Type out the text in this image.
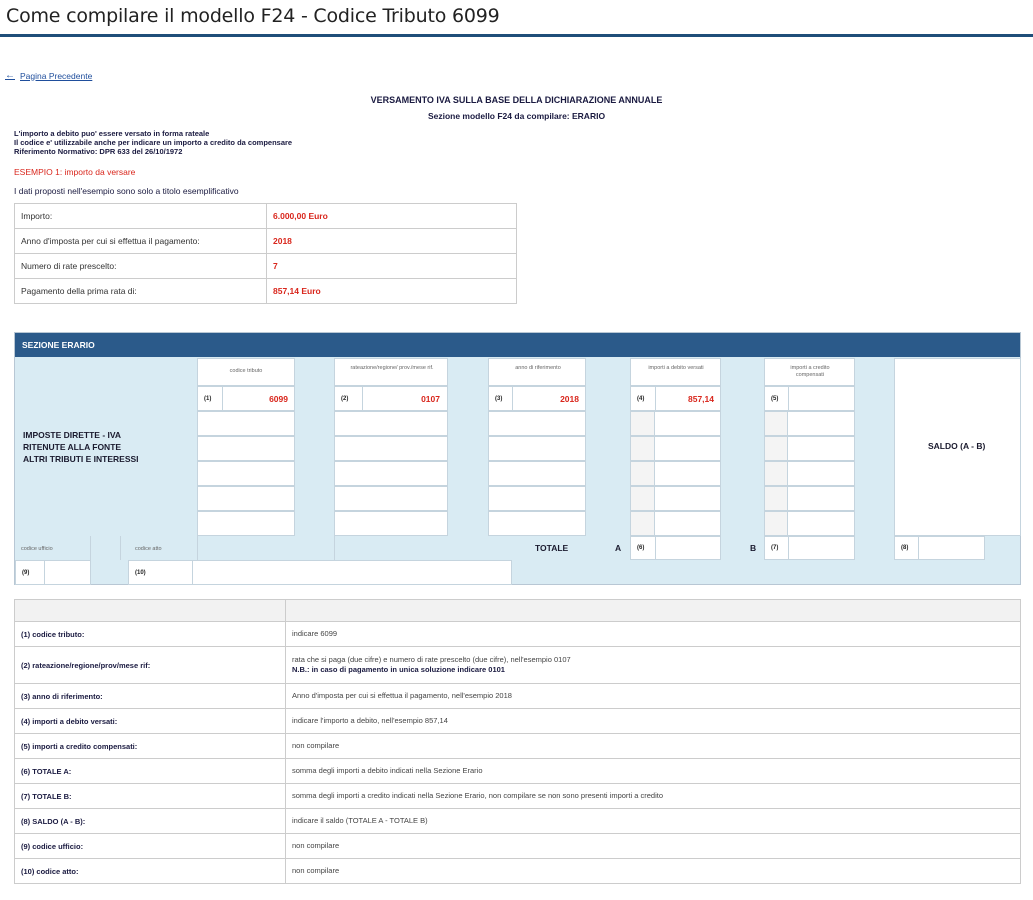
Come compilare il modello F24 - Codice Tributo 6099
← Pagina Precedente
VERSAMENTO IVA SULLA BASE DELLA DICHIARAZIONE ANNUALE
Sezione modello F24 da compilare: ERARIO
L'importo a debito puo' essere versato in forma rateale
Il codice e' utilizzabile anche per indicare un importo a credito da compensare
Riferimento Normativo: DPR 633 del 26/10/1972
ESEMPIO 1: importo da versare
I dati proposti nell'esempio sono solo a titolo esemplificativo
Importo:	6.000,00 Euro
Anno d'imposta per cui si effettua il pagamento:	2018
Numero di rate prescelto:	7
Pagamento della prima rata di:	857,14 Euro
SEZIONE ERARIO
IMPOSTE DIRETTE - IVA
RITENUTE ALLA FONTE
ALTRI TRIBUTI E INTERESSI
codice tributo
(1)	6099
rateazione/regione/ prov./mese rif.
(2)	0107
anno di riferimento
(3)	2018
importi a debito versati
(4)	857,14
importi a credito compensati
(5)
SALDO (A - B)
codice ufficio	codice atto	TOTALE	A	(6)	B (7)	(8)
(9)	(10)
Sezione modello F24	Come compilare il campo
(1) codice tributo:	indicare 6099
(2) rateazione/regione/prov/mese rif:	rata che si paga (due cifre) e numero di rate prescelto (due cifre), nell'esempio 0107
N.B.: in caso di pagamento in unica soluzione indicare 0101

(3) anno di riferimento:	Anno d'imposta per cui si effettua il pagamento, nell'esempio 2018
(4) importi a debito versati:	indicare l'importo a debito, nell'esempio 857,14
(5) importi a credito compensati:	non compilare
(6) TOTALE A:	somma degli importi a debito indicati nella Sezione Erario
(7) TOTALE B:	somma degli importi a credito indicati nella Sezione Erario, non compilare se non sono presenti importi a credito
(8) SALDO (A - B):	indicare il saldo (TOTALE A - TOTALE B)
(9) codice ufficio:	non compilare
(10) codice atto:	non compilare
